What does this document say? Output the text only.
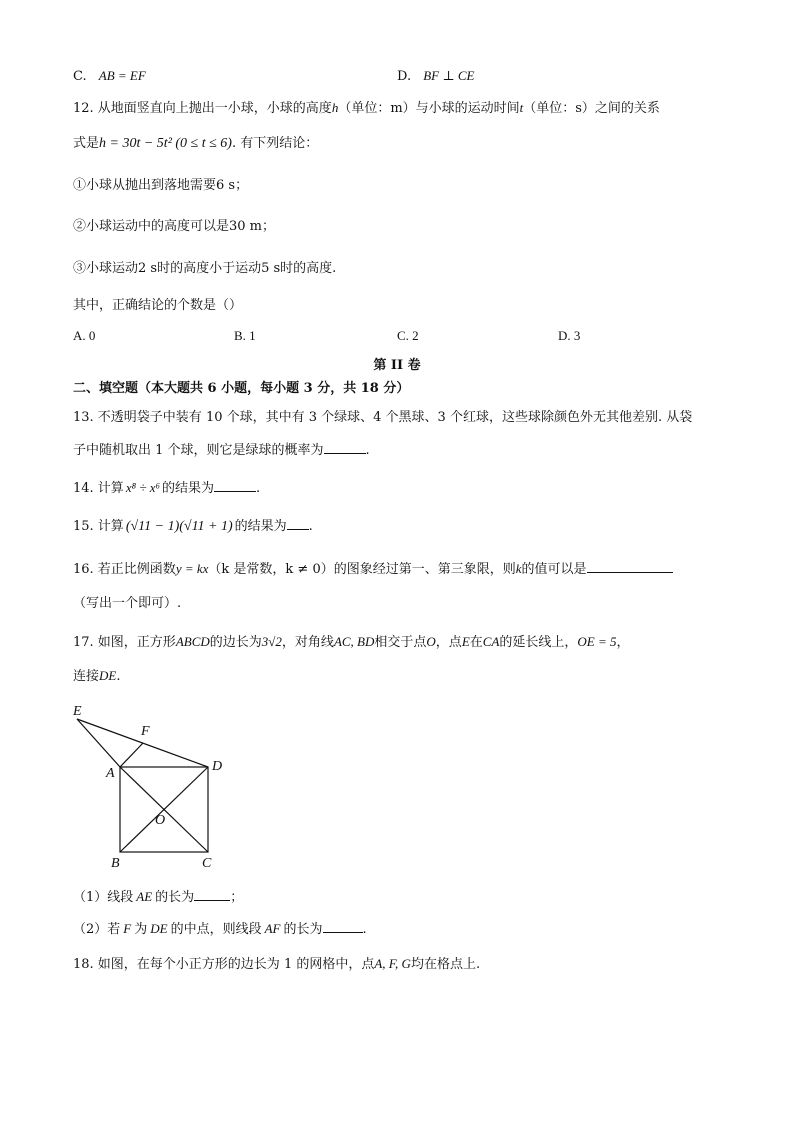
C. AB = EF	D. BF ⊥ CE
12. 从地面竖直向上抛出一小球，小球的高度h（单位：m）与小球的运动时间t（单位：s）之间的关系
式是h = 30t − 5t² (0 ≤ t ≤ 6). 有下列结论：
①小球从抛出到落地需要6 s；
②小球运动中的高度可以是30 m；
③小球运动2 s时的高度小于运动5 s时的高度.
其中，正确结论的个数是（）
A. 0	B. 1	C. 2	D. 3
第 II 卷
二、填空题（本大题共 6 小题，每小题 3 分，共 18 分）
13. 不透明袋子中装有 10 个球，其中有 3 个绿球、4 个黑球、3 个红球，这些球除颜色外无其他差别. 从袋
子中随机取出 1 个球，则它是绿球的概率为	.
14. 计算 x⁸ ÷ x⁶ 的结果为	.
15. 计算 (√11 − 1)(√11 + 1) 的结果为 .
16. 若正比例函数y = kx（k 是常数，k ≠ 0）的图象经过第一、第三象限，则k的值可以是
（写出一个即可）.
17. 如图，正方形ABCD的边长为3√2，对角线AC, BD相交于点O，点E在CA的延长线上，OE = 5，
连接DE.
E
F
A	D
O
B	C
（1）线段 AE 的长为	；
（2）若 F 为 DE 的中点，则线段 AF 的长为	.
18. 如图，在每个小正方形的边长为 1 的网格中，点A, F, G均在格点上.
